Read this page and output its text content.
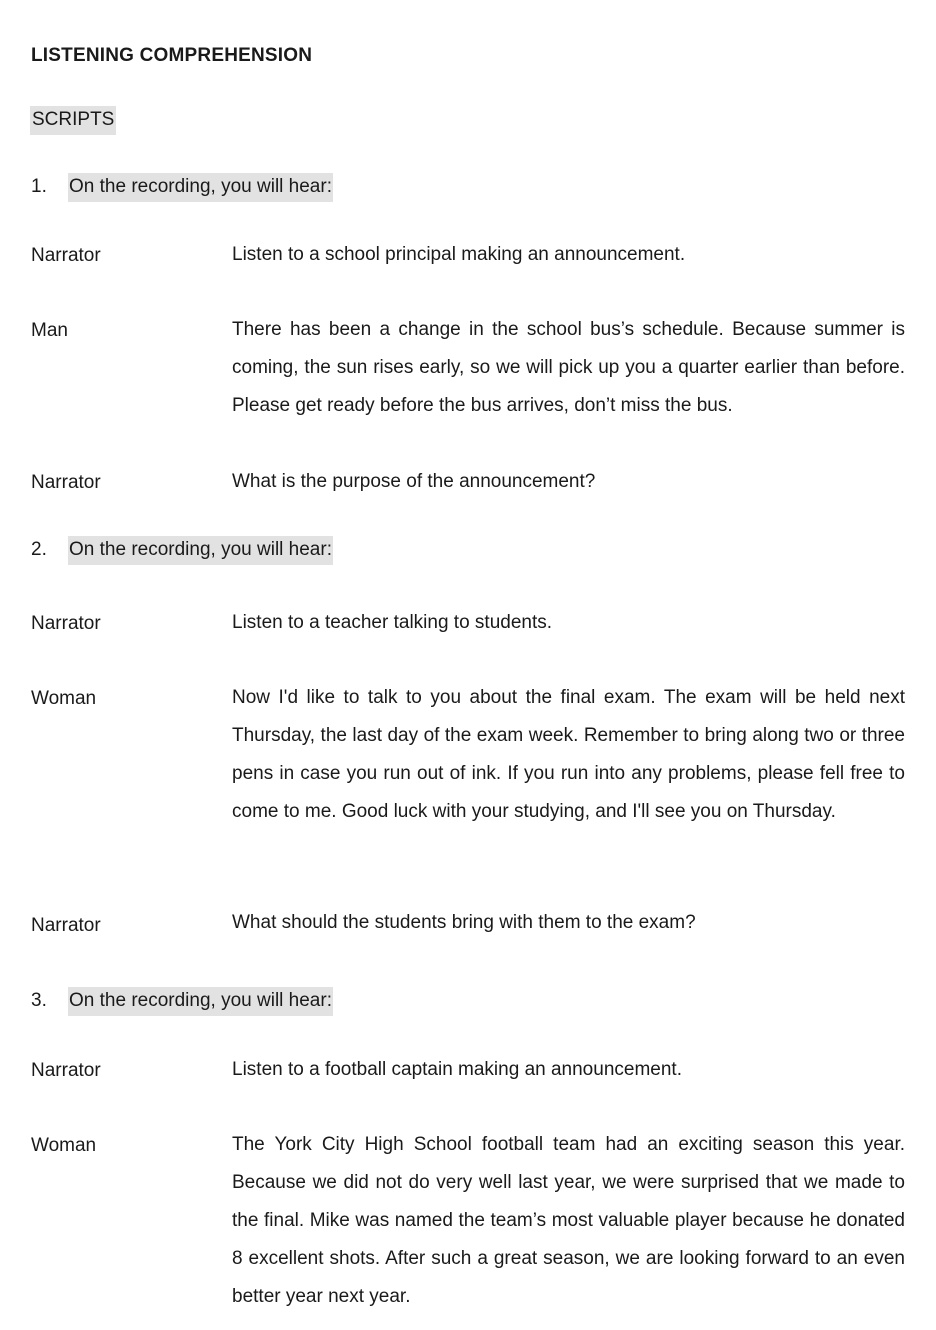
LISTENING COMPREHENSION
SCRIPTS
1. On the recording, you will hear:
Narrator	Listen to a school principal making an announcement.
Man	There has been a change in the school bus’s schedule. Because summer is coming, the sun rises early, so we will pick up you a quarter earlier than before. Please get ready before the bus arrives, don’t miss the bus.
Narrator	What is the purpose of the announcement?
2. On the recording, you will hear:
Narrator	Listen to a teacher talking to students.
Woman	Now I'd like to talk to you about the final exam. The exam will be held next Thursday, the last day of the exam week. Remember to bring along two or three pens in case you run out of ink. If you run into any problems, please fell free to come to me. Good luck with your studying, and I'll see you on Thursday.
Narrator	What should the students bring with them to the exam?
3. On the recording, you will hear:
Narrator	Listen to a football captain making an announcement.
Woman	The York City High School football team had an exciting season this year. Because we did not do very well last year, we were surprised that we made to the final. Mike was named the team’s most valuable player because he donated 8 excellent shots. After such a great season, we are looking forward to an even better year next year.
